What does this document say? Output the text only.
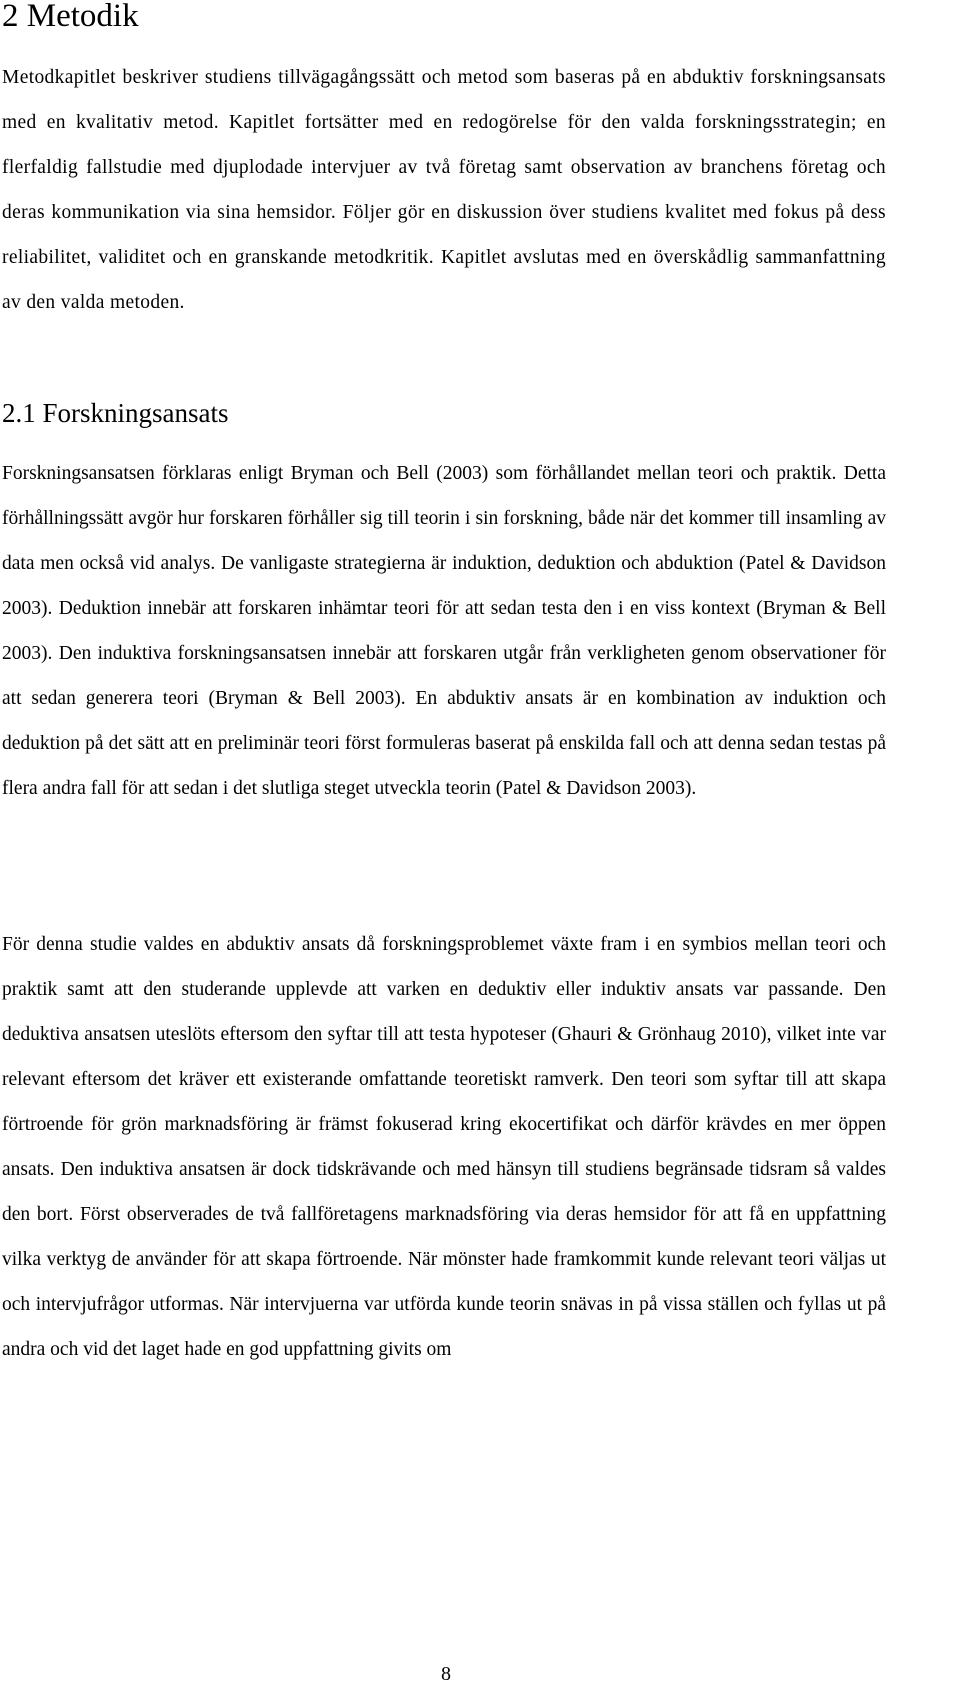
2 Metodik

Metodkapitlet beskriver studiens tillvägagångssätt och metod som baseras på en abduktiv forskningsansats med en kvalitativ metod. Kapitlet fortsätter med en redogörelse för den valda forskningsstrategin; en flerfaldig fallstudie med djuplodade intervjuer av två företag samt observation av branchens företag och deras kommunikation via sina hemsidor. Följer gör en diskussion över studiens kvalitet med fokus på dess reliabilitet, validitet och en granskande metodkritik. Kapitlet avslutas med en överskådlig sammanfattning av den valda metoden.

2.1 Forskningsansats

Forskningsansatsen förklaras enligt Bryman och Bell (2003) som förhållandet mellan teori och praktik. Detta förhållningssätt avgör hur forskaren förhåller sig till teorin i sin forskning, både när det kommer till insamling av data men också vid analys. De vanligaste strategierna är induktion, deduktion och abduktion (Patel & Davidson 2003). Deduktion innebär att forskaren inhämtar teori för att sedan testa den i en viss kontext (Bryman & Bell 2003). Den induktiva forskningsansatsen innebär att forskaren utgår från verkligheten genom observationer för att sedan generera teori (Bryman & Bell 2003). En abduktiv ansats är en kombination av induktion och deduktion på det sätt att en preliminär teori först formuleras baserat på enskilda fall och att denna sedan testas på flera andra fall för att sedan i det slutliga steget utveckla teorin (Patel & Davidson 2003).

För denna studie valdes en abduktiv ansats då forskningsproblemet växte fram i en symbios mellan teori och praktik samt att den studerande upplevde att varken en deduktiv eller induktiv ansats var passande. Den deduktiva ansatsen uteslöts eftersom den syftar till att testa hypoteser (Ghauri & Grönhaug 2010), vilket inte var relevant eftersom det kräver ett existerande omfattande teoretiskt ramverk. Den teori som syftar till att skapa förtroende för grön marknadsföring är främst fokuserad kring ekocertifikat och därför krävdes en mer öppen ansats. Den induktiva ansatsen är dock tidskrävande och med hänsyn till studiens begränsade tidsram så valdes den bort. Först observerades de två fallföretagens marknadsföring via deras hemsidor för att få en uppfattning vilka verktyg de använder för att skapa förtroende. När mönster hade framkommit kunde relevant teori väljas ut och intervjufrågor utformas. När intervjuerna var utförda kunde teorin snävas in på vissa ställen och fyllas ut på andra och vid det laget hade en god uppfattning givits om

8
